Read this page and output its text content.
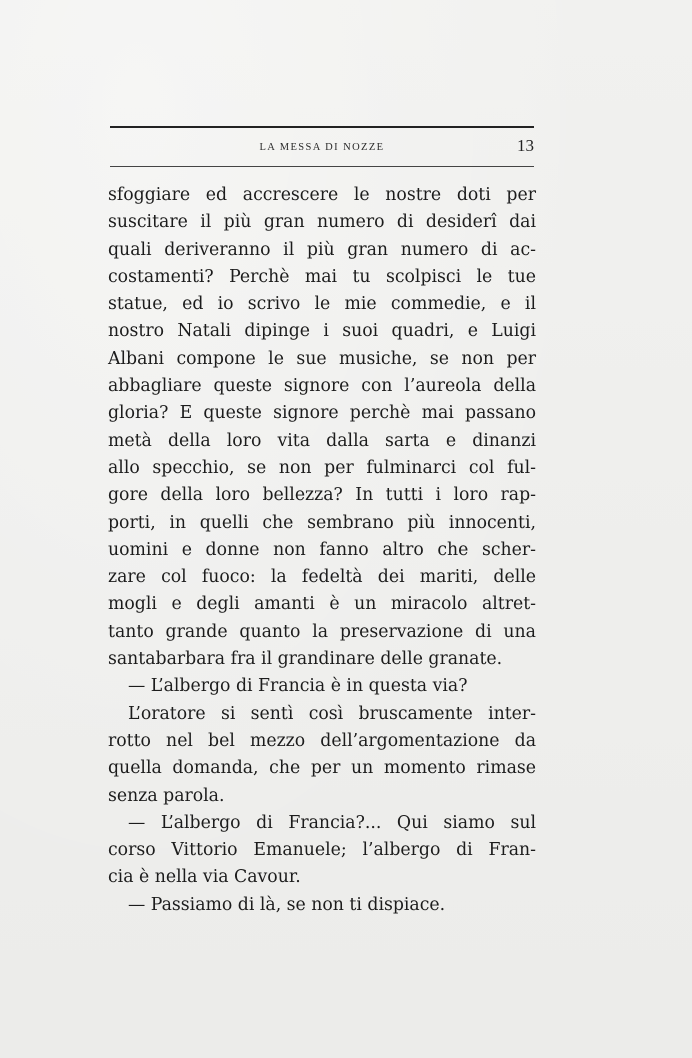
LA MESSA DI NOZZE	13
sfoggiare ed accrescere le nostre doti per
suscitare il più gran numero di desiderî dai
quali deriveranno il più gran numero di ac-
costamenti? Perchè mai tu scolpisci le tue
statue, ed io scrivo le mie commedie, e il
nostro Natali dipinge i suoi quadri, e Luigi
Albani compone le sue musiche, se non per
abbagliare queste signore con l’aureola della
gloria? E queste signore perchè mai passano
metà della loro vita dalla sarta e dinanzi
allo specchio, se non per fulminarci col ful-
gore della loro bellezza? In tutti i loro rap-
porti, in quelli che sembrano più innocenti,
uomini e donne non fanno altro che scher-
zare col fuoco: la fedeltà dei mariti, delle
mogli e degli amanti è un miracolo altret-
tanto grande quanto la preservazione di una
santabarbara fra il grandinare delle granate.
— L’albergo di Francia è in questa via?
L’oratore si sentì così bruscamente inter-
rotto nel bel mezzo dell’argomentazione da
quella domanda, che per un momento rimase
senza parola.
— L’albergo di Francia?... Qui siamo sul
corso Vittorio Emanuele; l’albergo di Fran-
cia è nella via Cavour.
— Passiamo di là, se non ti dispiace.
